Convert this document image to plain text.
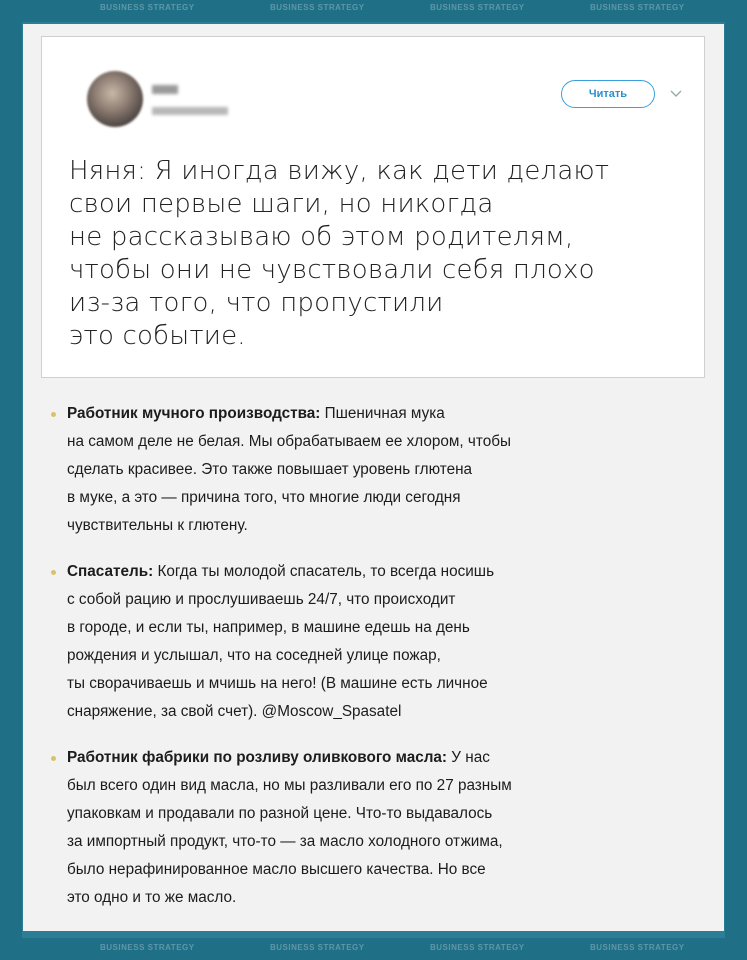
BUSINESS STRATEGY	BUSINESS STRATEGY	BUSINESS STRATEGY	BUSINESS STRATEGY
BUSINESS STRATEGY	BUSINESS STRATEGY	BUSINESS STRATEGY	BUSINESS STRATEGY
Читать
Няня: Я иногда вижу, как дети делают
свои первые шаги, но никогда
не рассказываю об этом родителям,
чтобы они не чувствовали себя плохо
из-за того, что пропустили
это событие.
Работник мучного производства: Пшеничная мука
на самом деле не белая. Мы обрабатываем ее хлором, чтобы
сделать красивее. Это также повышает уровень глютена
в муке, а это — причина того, что многие люди сегодня
чувствительны к глютену.
Спасатель: Когда ты молодой спасатель, то всегда носишь
с собой рацию и прослушиваешь 24/7, что происходит
в городе, и если ты, например, в машине едешь на день
рождения и услышал, что на соседней улице пожар,
ты сворачиваешь и мчишь на него! (В машине есть личное
снаряжение, за свой счет). @Moscow_Spasatel
Работник фабрики по розливу оливкового масла: У нас
был всего один вид масла, но мы разливали его по 27 разным
упаковкам и продавали по разной цене. Что-то выдавалось
за импортный продукт, что-то — за масло холодного отжима,
было нерафинированное масло высшего качества. Но все
это одно и то же масло.
